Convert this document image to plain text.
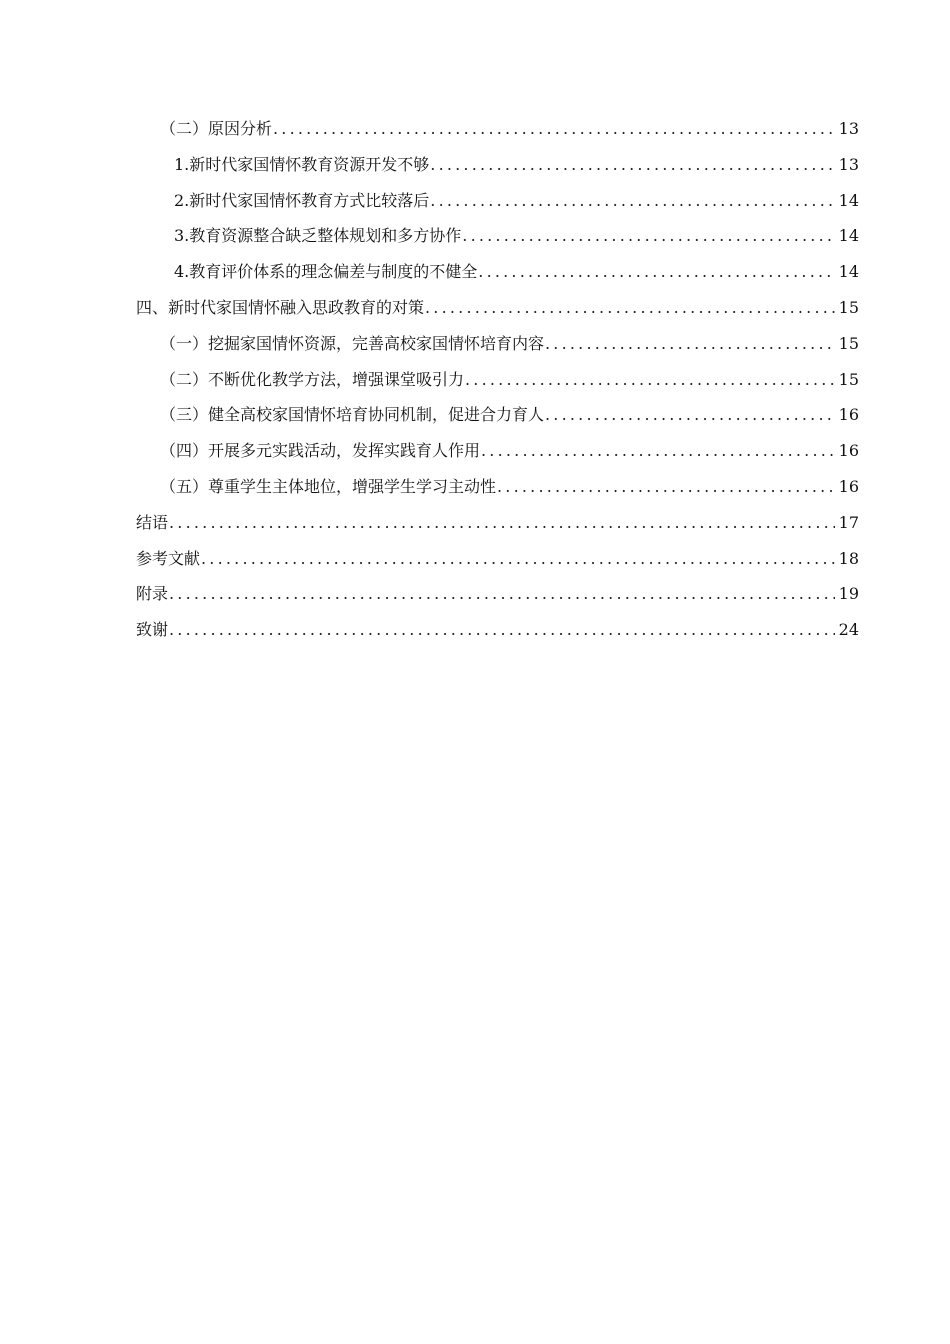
（二）原因分析 .....	13
1.新时代家国情怀教育资源开发不够 .....	13
2.新时代家国情怀教育方式比较落后 .....	14
3.教育资源整合缺乏整体规划和多方协作 .....	14
4.教育评价体系的理念偏差与制度的不健全 .....	14
四、新时代家国情怀融入思政教育的对策 .....	15
（一）挖掘家国情怀资源，完善高校家国情怀培育内容 .....	15
（二）不断优化教学方法，增强课堂吸引力 .....	15
（三）健全高校家国情怀培育协同机制，促进合力育人 .....	16
（四）开展多元实践活动，发挥实践育人作用 .....	16
（五）尊重学生主体地位，增强学生学习主动性 .....	16
结语 .....	17
参考文献 .....	18
附录 .....	19
致谢 .....	24
